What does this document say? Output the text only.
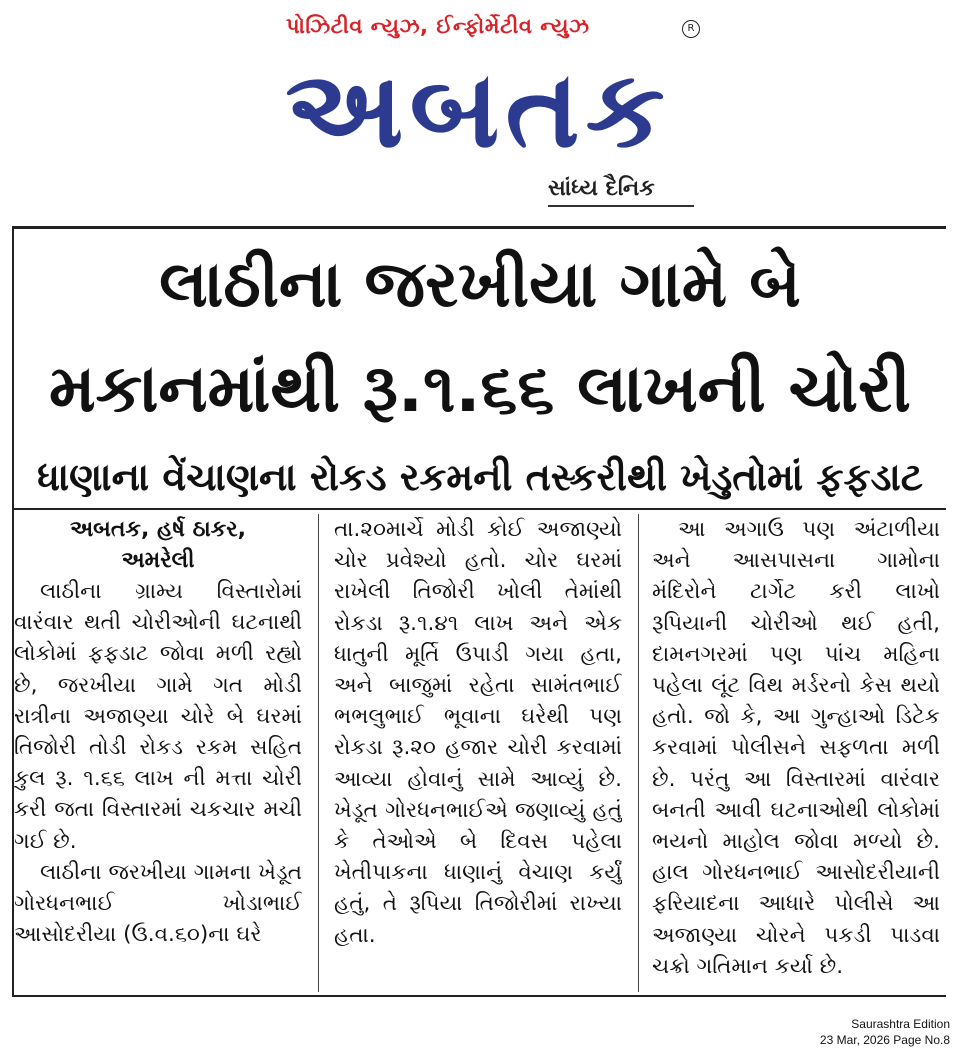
પોઝિટીવ ન્યુઝ, ઈન્ફોર્મેટીવ ન્યુઝ	R
અબતક
સાંધ્ય દૈનિક
લાઠીના જરખીયા ગામે બે
મકાનમાંથી રૂ.૧.૬૬ લાખની ચોરી
ધાણાના વેંચાણના રોકડ રકમની તસ્કરીથી ખેડુતોમાં ફફડાટ
અબતક, હર્ષ ઠાકર,
અમરેલી

લાઠીના ગ્રામ્ય વિસ્તારોમાં વારંવાર થતી ચોરીઓની ઘટનાથી લોકોમાં ફફડાટ જોવા મળી રહ્યો છે, જરખીયા ગામે ગત મોડી રાત્રીના અજાણ્યા ચોરે બે ઘરમાં તિજોરી તોડી રોકડ રકમ સહિત કુલ રૂ. ૧.૬૬ લાખ ની મત્તા ચોરી કરી જતા વિસ્તારમાં ચકચાર મચી ગઈ છે.

લાઠીના જરખીયા ગામના ખેડૂત ગોરધનભાઈ ખોડાભાઈ આસોદરીયા (ઉ.વ.૬૦)ના ઘરે

તા.૨૦માર્ચે મોડી કોઈ અજાણ્યો ચોર પ્રવેશ્યો હતો. ચોર ઘરમાં રાખેલી તિજોરી ખોલી તેમાંથી રોકડા રૂ.૧.૪૧ લાખ અને એક ધાતુની મૂર્તિ ઉપાડી ગયા હતા, અને બાજુમાં રહેતા સામંતભાઈ ભભલુભાઈ ભૂવાના ઘરેથી પણ રોકડા રૂ.૨૦ હજાર ચોરી કરવામાં આવ્યા હોવાનું સામે આવ્યું છે. ખેડૂત ગોરધનભાઈએ જણાવ્યું હતું કે તેઓએ બે દિવસ પહેલા ખેતીપાકના ધાણાનું વેચાણ કર્યું હતું, તે રૂપિયા તિજોરીમાં રાખ્યા હતા.

આ અગાઉ પણ અંટાળીયા અને આસપાસના ગામોના મંદિરોને ટાર્ગેટ કરી લાખો રૂપિયાની ચોરીઓ થઈ હતી, દામનગરમાં પણ પાંચ મહિના પહેલા લૂંટ વિથ મર્ડરનો કેસ થયો હતો. જો કે, આ ગુન્હાઓ ડિટેક કરવામાં પોલીસને સફળતા મળી છે. પરંતુ આ વિસ્તારમાં વારંવાર બનતી આવી ઘટનાઓથી લોકોમાં ભયનો માહોલ જોવા મળ્યો છે. હાલ ગોરધનભાઈ આસોદરીયાની ફરિયાદના આધારે પોલીસે આ અજાણ્યા ચોરને પકડી પાડવા ચક્રો ગતિમાન કર્યા છે.

Saurashtra Edition
23 Mar, 2026 Page No.8
